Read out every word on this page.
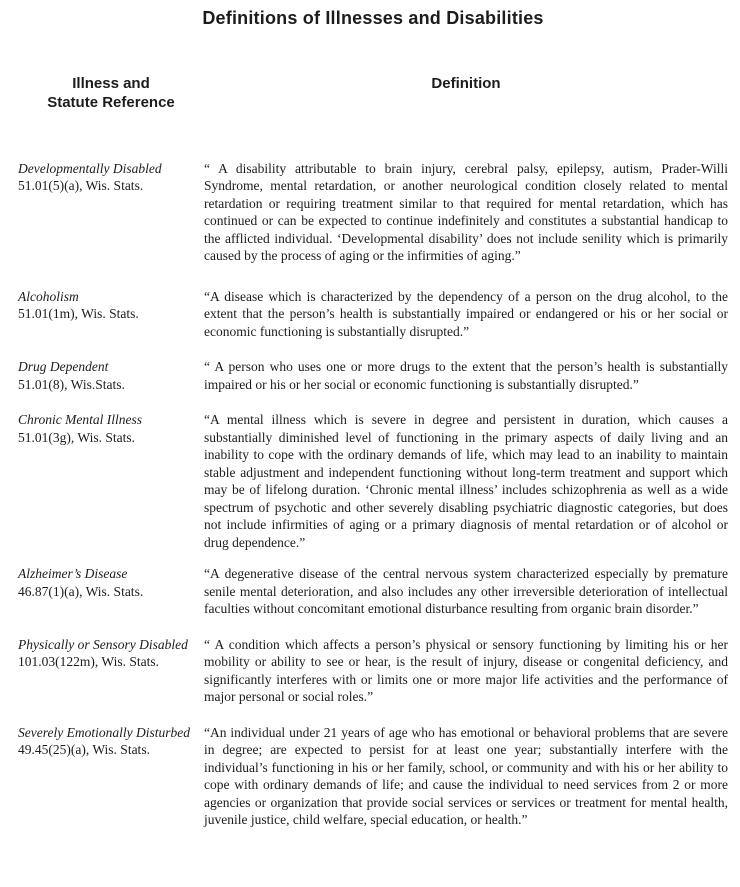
Definitions of Illnesses and Disabilities
Illness and
Statute Reference
Definition
Developmentally Disabled
51.01(5)(a), Wis. Stats.
“ A disability attributable to brain injury, cerebral palsy, epilepsy, autism, Prader-Willi Syndrome, mental retardation, or another neurological condition closely related to mental retardation or requiring treatment similar to that required for mental retardation, which has continued or can be expected to continue indefinitely and constitutes a substantial handicap to the afflicted individual. ‘Developmental disability’ does not include senility which is primarily caused by the process of aging or the infirmities of aging.”
Alcoholism
51.01(1m), Wis. Stats.
“A disease which is characterized by the dependency of a person on the drug alcohol, to the extent that the person’s health is substantially impaired or endangered or his or her social or economic functioning is substantially disrupted.”
Drug Dependent
51.01(8), Wis.Stats.
“ A person who uses one or more drugs to the extent that the person’s health is substantially impaired or his or her social or economic functioning is substantially disrupted.”
Chronic Mental Illness
51.01(3g), Wis. Stats.
“A mental illness which is severe in degree and persistent in duration, which causes a substantially diminished level of functioning in the primary aspects of daily living and an inability to cope with the ordinary demands of life, which may lead to an inability to maintain stable adjustment and independent functioning without long-term treatment and support which may be of lifelong duration. ‘Chronic mental illness’ includes schizophrenia as well as a wide spectrum of psychotic and other severely disabling psychiatric diagnostic categories, but does not include infirmities of aging or a primary diagnosis of mental retardation or of alcohol or drug dependence.”
Alzheimer’s Disease
46.87(1)(a), Wis. Stats.
“A degenerative disease of the central nervous system characterized especially by premature senile mental deterioration, and also includes any other irreversible deterioration of intellectual faculties without concomitant emotional disturbance resulting from organic brain disorder.”
Physically or Sensory Disabled
101.03(122m), Wis. Stats.
“ A condition which affects a person’s physical or sensory functioning by limiting his or her mobility or ability to see or hear, is the result of injury, disease or congenital deficiency, and significantly interferes with or limits one or more major life activities and the performance of major personal or social roles.”
Severely Emotionally Disturbed
49.45(25)(a), Wis. Stats.
“An individual under 21 years of age who has emotional or behavioral problems that are severe in degree; are expected to persist for at least one year; substantially interfere with the individual’s functioning in his or her family, school, or community and with his or her ability to cope with ordinary demands of life; and cause the individual to need services from 2 or more agencies or organization that provide social services or services or treatment for mental health, juvenile justice, child welfare, special education, or health.”
